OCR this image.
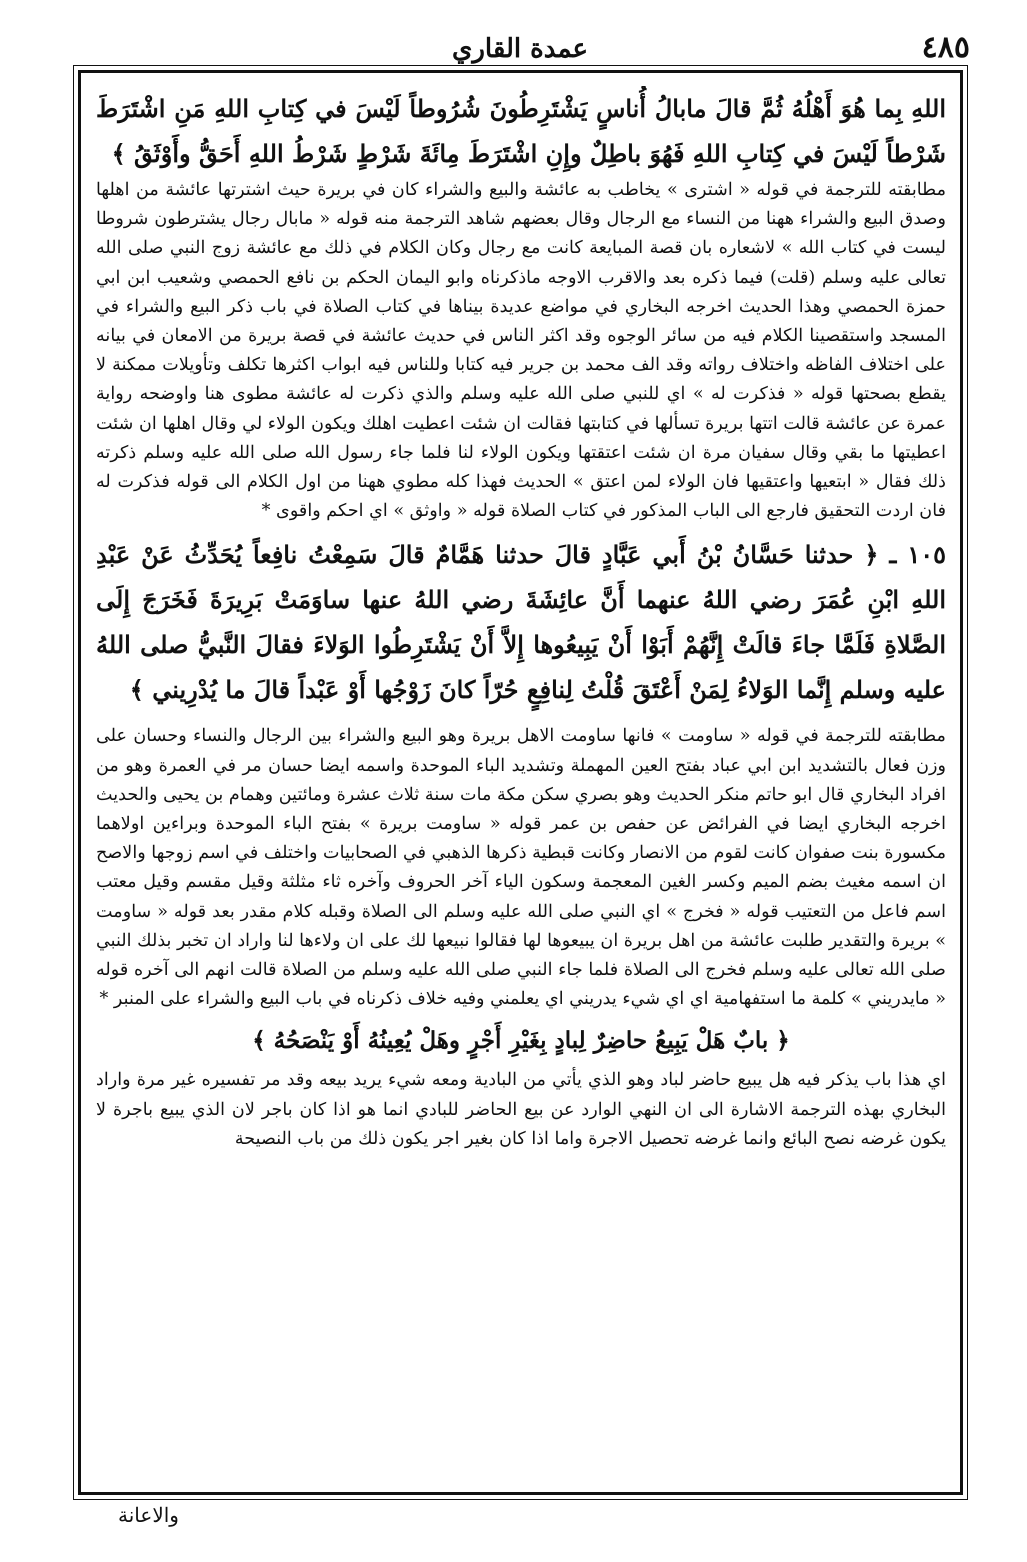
٤٨٥
عمدة القاري

اللهِ بِما هُوَ أَهْلُهُ ثُمَّ قالَ مابالُ أُناسٍ يَشْتَرِطُونَ شُرُوطاً لَيْسَ في كِتابِ اللهِ مَنِ اشْتَرَطَ شَرْطاً لَيْسَ في كِتابِ اللهِ فَهُوَ باطِلٌ وإِنِ اشْتَرَطَ مِائَةَ شَرْطٍ شَرْطُ اللهِ أَحَقُّ وأَوْثَقُ ﴾

مطابقته للترجمة في قوله « اشترى » يخاطب به عائشة والبيع والشراء كان في بريرة حيث اشترتها عائشة من اهلها وصدق البيع والشراء ههنا من النساء مع الرجال وقال بعضهم شاهد الترجمة منه قوله « مابال رجال يشترطون شروطا ليست في كتاب الله » لاشعاره بان قصة المبايعة كانت مع رجال وكان الكلام في ذلك مع عائشة زوج النبي صلى الله تعالى عليه وسلم (قلت) فيما ذكره بعد والاقرب الاوجه ماذكرناه وابو اليمان الحكم بن نافع الحمصي وشعيب ابن ابي حمزة الحمصي وهذا الحديث اخرجه البخاري في مواضع عديدة بيناها في كتاب الصلاة في باب ذكر البيع والشراء في المسجد واستقصينا الكلام فيه من سائر الوجوه وقد اكثر الناس في حديث عائشة في قصة بريرة من الامعان في بيانه على اختلاف الفاظه واختلاف رواته وقد الف محمد بن جرير فيه كتابا وللناس فيه ابواب اكثرها تكلف وتأويلات ممكنة لا يقطع بصحتها قوله « فذكرت له » اي للنبي صلى الله عليه وسلم والذي ذكرت له عائشة مطوى هنا واوضحه رواية عمرة عن عائشة قالت اتتها بريرة تسألها في كتابتها فقالت ان شئت اعطيت اهلك ويكون الولاء لي وقال اهلها ان شئت اعطيتها ما بقي وقال سفيان مرة ان شئت اعتقتها ويكون الولاء لنا فلما جاء رسول الله صلى الله عليه وسلم ذكرته ذلك فقال « ابتعيها واعتقيها فان الولاء لمن اعتق » الحديث فهذا كله مطوي ههنا من اول الكلام الى قوله فذكرت له فان اردت التحقيق فارجع الى الباب المذكور في كتاب الصلاة قوله « واوثق » اي احكم واقوى *

١٠٥ ـ ﴿ حدثنا حَسَّانُ بْنُ أَبي عَبَّادٍ قالَ حدثنا هَمَّامٌ قالَ سَمِعْتُ نافِعاً يُحَدِّثُ عَنْ عَبْدِ اللهِ ابْنِ عُمَرَ رضي اللهُ عنهما أَنَّ عائِشَةَ رضي اللهُ عنها ساوَمَتْ بَرِيرَةَ فَخَرَجَ إِلَى الصَّلاةِ فَلَمَّا جاءَ قالَتْ إِنَّهُمْ أَبَوْا أَنْ يَبِيعُوها إِلاَّ أَنْ يَشْتَرِطُوا الوَلاءَ فقالَ النَّبيُّ صلى اللهُ عليه وسلم إِنَّما الوَلاءُ لِمَنْ أَعْتَقَ قُلْتُ لِنافِعٍ حُرّاً كانَ زَوْجُها أَوْ عَبْداً قالَ ما يُدْرِيني ﴾

مطابقته للترجمة في قوله « ساومت » فانها ساومت الاهل بريرة وهو البيع والشراء بين الرجال والنساء وحسان على وزن فعال بالتشديد ابن ابي عباد بفتح العين المهملة وتشديد الباء الموحدة واسمه ايضا حسان مر في العمرة وهو من افراد البخاري قال ابو حاتم منكر الحديث وهو بصري سكن مكة مات سنة ثلاث عشرة ومائتين وهمام بن يحيى والحديث اخرجه البخاري ايضا في الفرائض عن حفص بن عمر قوله « ساومت بريرة » بفتح الباء الموحدة وبراءين اولاهما مكسورة بنت صفوان كانت لقوم من الانصار وكانت قبطية ذكرها الذهبي في الصحابيات واختلف في اسم زوجها والاصح ان اسمه مغيث بضم الميم وكسر الغين المعجمة وسكون الياء آخر الحروف وآخره ثاء مثلثة وقيل مقسم وقيل معتب اسم فاعل من التعتيب قوله « فخرج » اي النبي صلى الله عليه وسلم الى الصلاة وقبله كلام مقدر بعد قوله « ساومت » بريرة والتقدير طلبت عائشة من اهل بريرة ان يبيعوها لها فقالوا نبيعها لك على ان ولاءها لنا واراد ان تخبر بذلك النبي صلى الله تعالى عليه وسلم فخرج الى الصلاة فلما جاء النبي صلى الله عليه وسلم من الصلاة قالت انهم الى آخره قوله « مايدريني » كلمة ما استفهامية اي اي شيء يدريني اي يعلمني وفيه خلاف ذكرناه في باب البيع والشراء على المنبر *

﴿ بابٌ هَلْ يَبِيعُ حاضِرٌ لِبادٍ بِغَيْرِ أَجْرٍ وهَلْ يُعِينُهُ أَوْ يَنْصَحُهُ ﴾

اي هذا باب يذكر فيه هل يبيع حاضر لباد وهو الذي يأتي من البادية ومعه شيء يريد بيعه وقد مر تفسيره غير مرة واراد البخاري بهذه الترجمة الاشارة الى ان النهي الوارد عن بيع الحاضر للبادي انما هو اذا كان باجر لان الذي يبيع باجرة لا يكون غرضه نصح البائع وانما غرضه تحصيل الاجرة واما اذا كان بغير اجر يكون ذلك من باب النصيحة

والاعانة
